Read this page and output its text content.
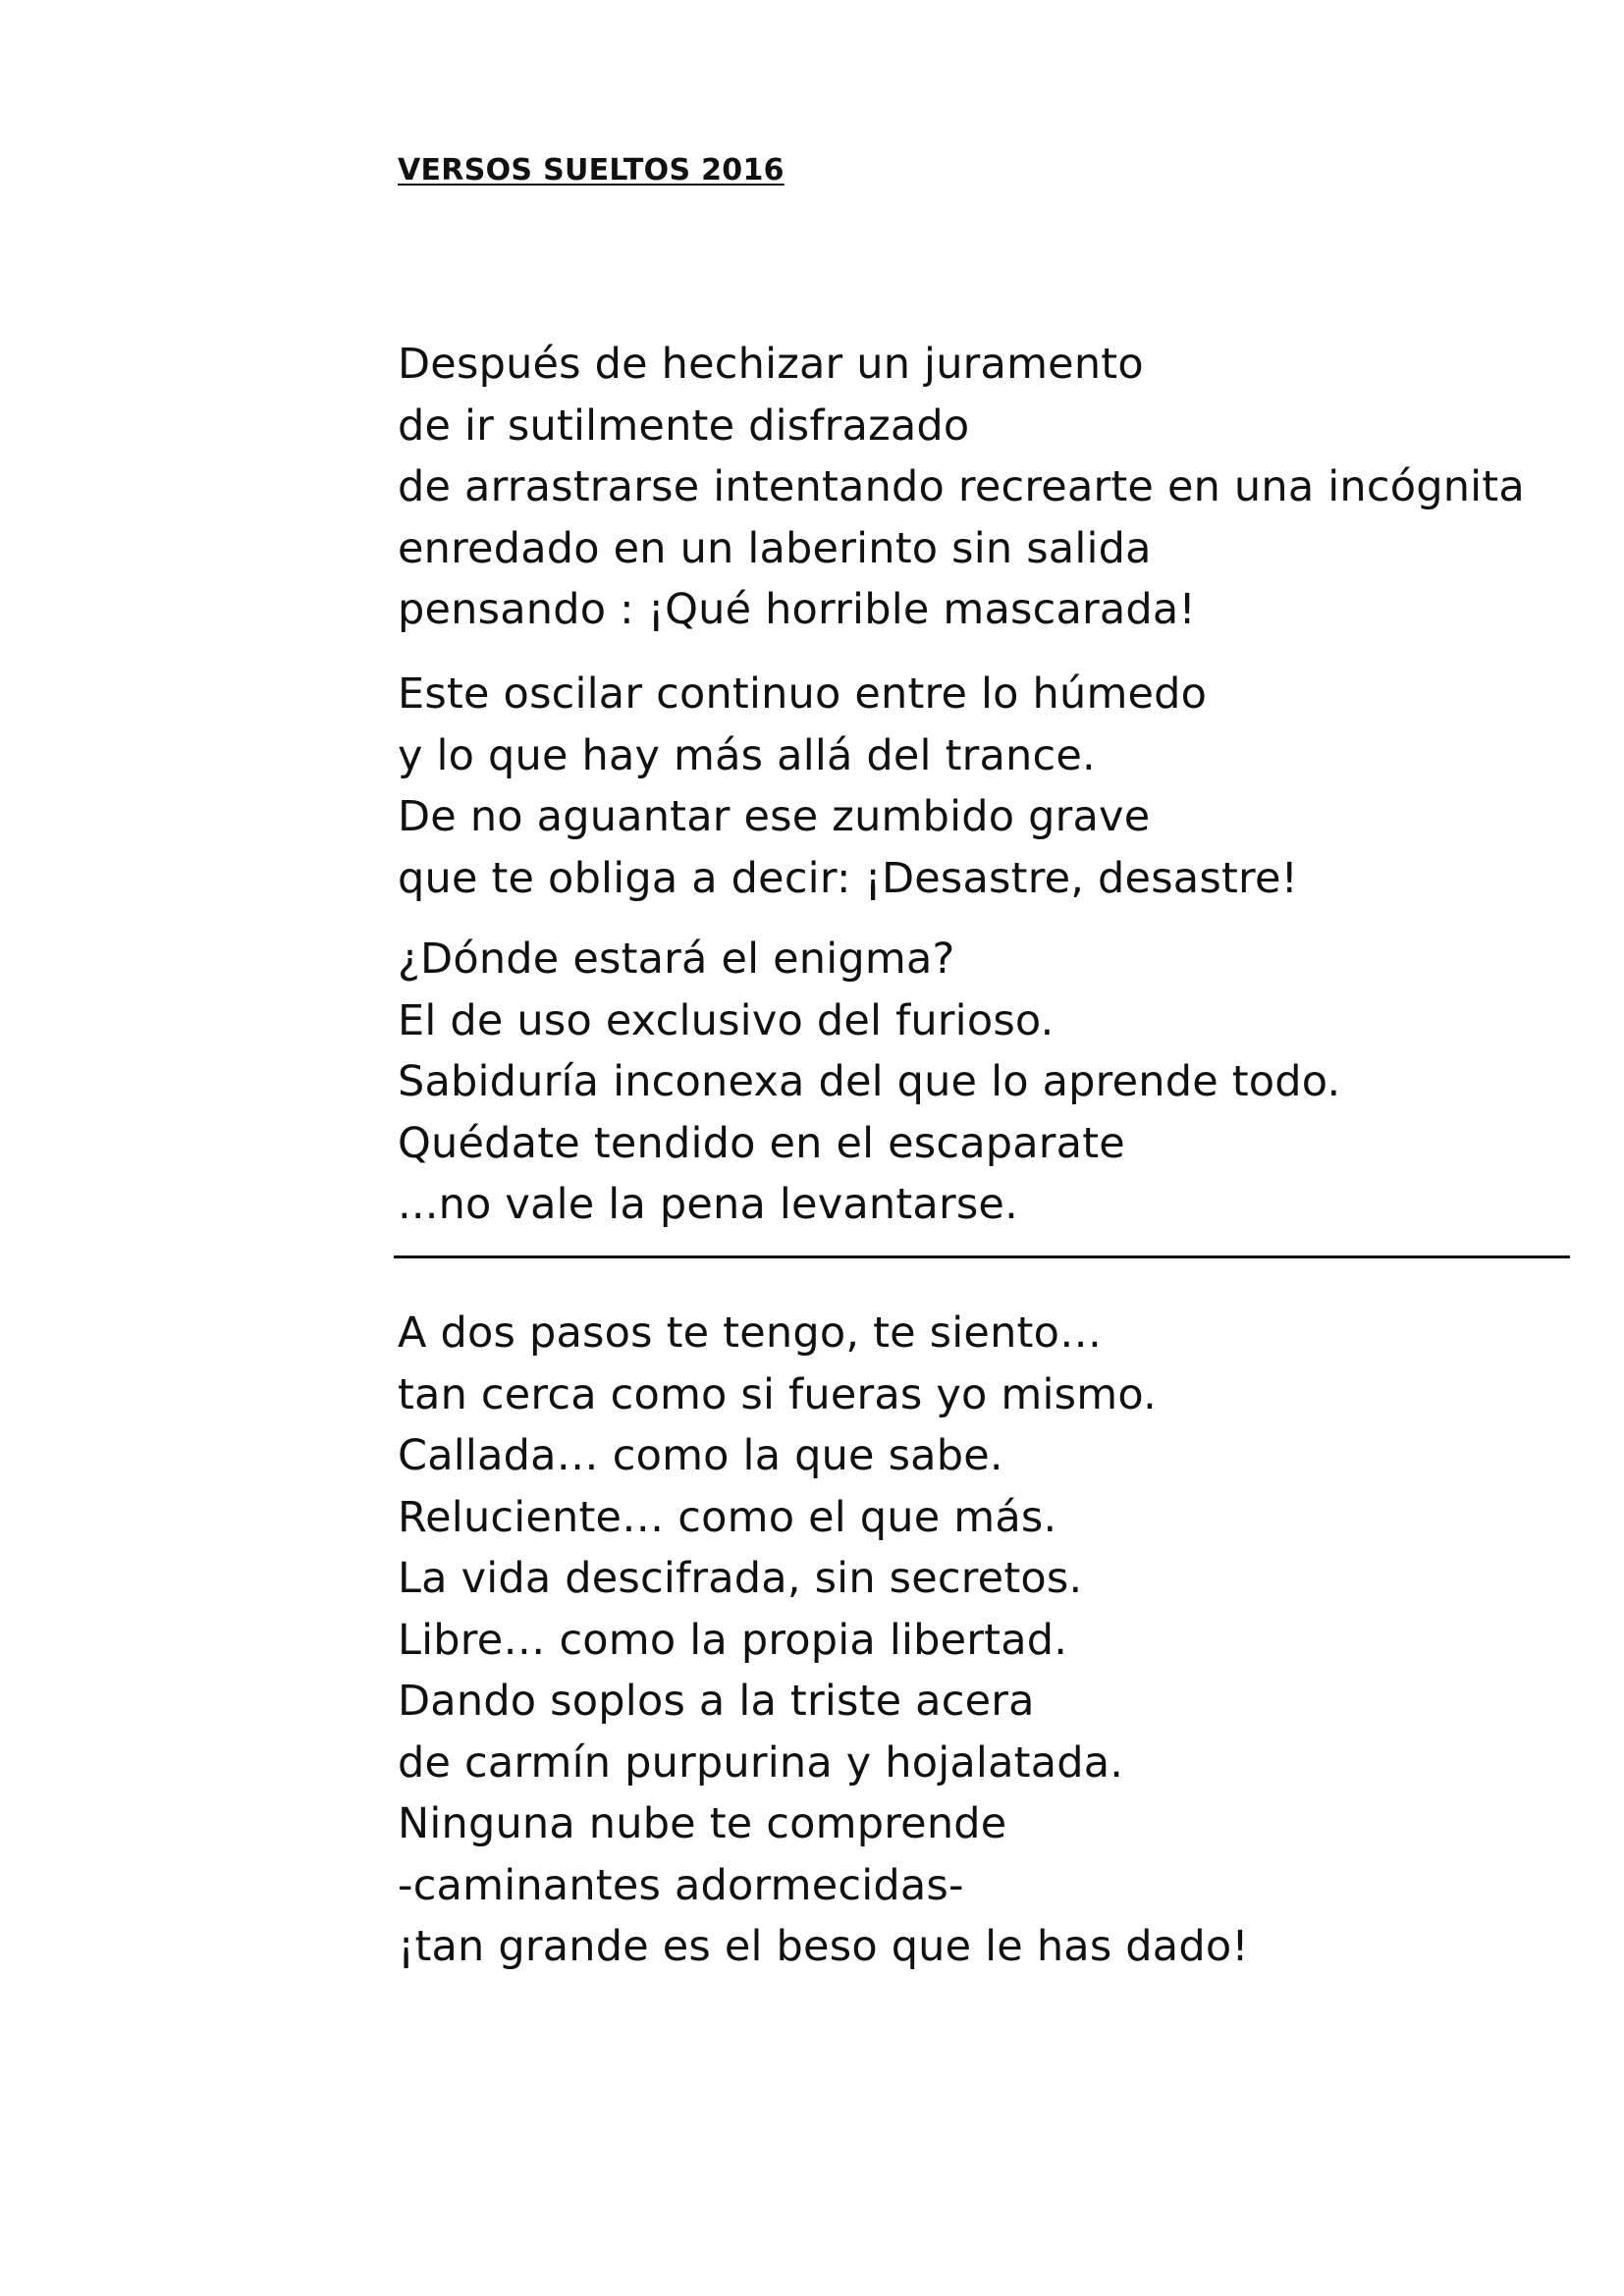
VERSOS SUELTOS 2016
Después de hechizar un juramento
de ir sutilmente disfrazado
de arrastrarse intentando recrearte en una incógnita
enredado en un laberinto sin salida
pensando : ¡Qué horrible mascarada!
Este oscilar continuo entre lo húmedo
y lo que hay más allá del trance.
De no aguantar ese zumbido grave
que te obliga a decir: ¡Desastre, desastre!
¿Dónde estará el enigma?
El de uso exclusivo del furioso.
Sabiduría inconexa del que lo aprende todo.
Quédate tendido en el escaparate
...no vale la pena levantarse.
A dos pasos te tengo, te siento…
tan cerca como si fueras yo mismo.
Callada… como la que sabe.
Reluciente… como el que más.
La vida descifrada, sin secretos.
Libre… como la propia libertad.
Dando soplos a la triste acera
de carmín purpurina y hojalatada.
Ninguna nube te comprende
-caminantes adormecidas-
¡tan grande es el beso que le has dado!
